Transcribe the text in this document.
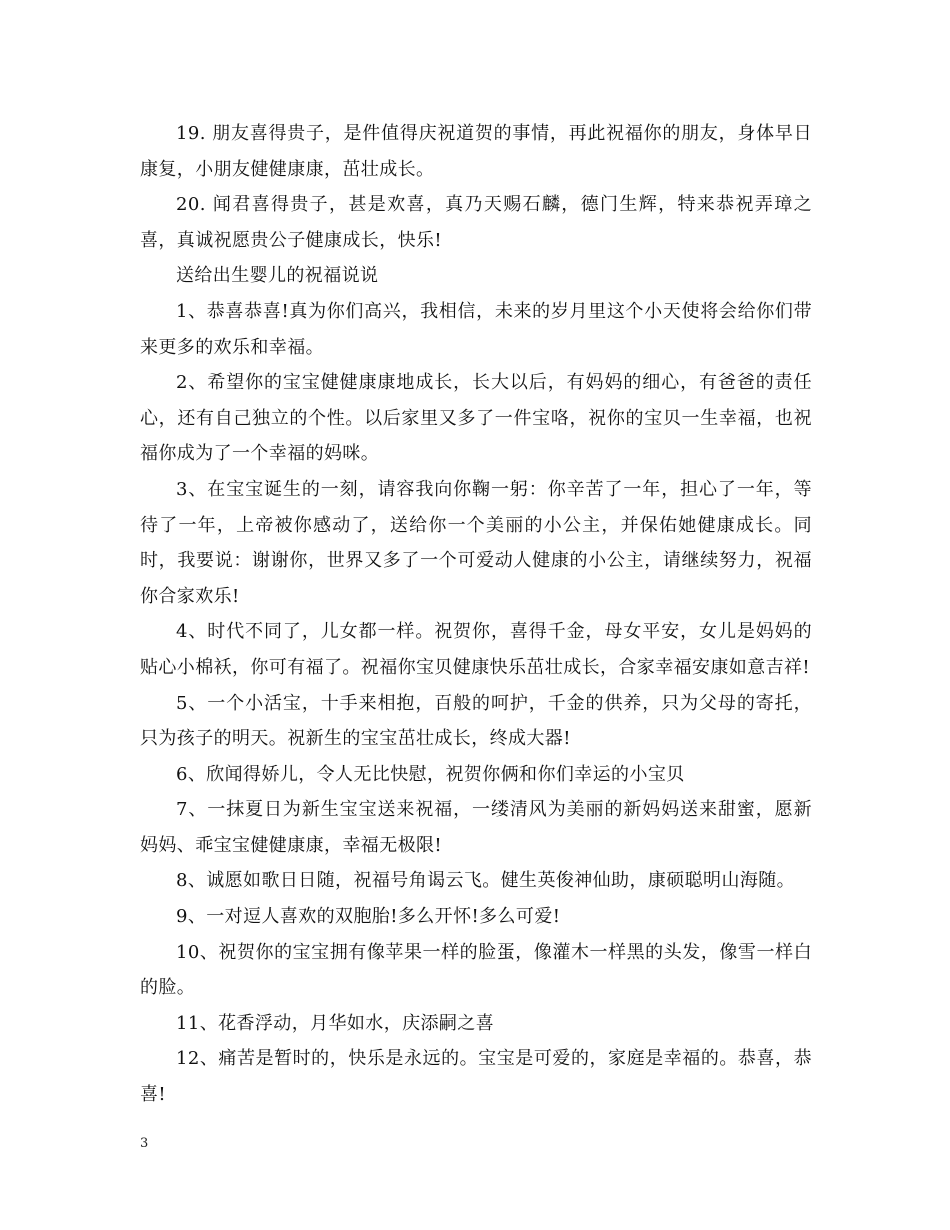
19. 朋友喜得贵子，是件值得庆祝道贺的事情，再此祝福你的朋友，身体早日康复，小朋友健健康康，茁壮成长。

20. 闻君喜得贵子，甚是欢喜，真乃天赐石麟，德门生辉，特来恭祝弄璋之喜，真诚祝愿贵公子健康成长，快乐!

送给出生婴儿的祝福说说

1、恭喜恭喜!真为你们高兴，我相信，未来的岁月里这个小天使将会给你们带来更多的欢乐和幸福。

2、希望你的宝宝健健康康地成长，长大以后，有妈妈的细心，有爸爸的责任心，还有自己独立的个性。以后家里又多了一件宝咯，祝你的宝贝一生幸福，也祝福你成为了一个幸福的妈咪。

3、在宝宝诞生的一刻，请容我向你鞠一躬：你辛苦了一年，担心了一年，等待了一年，上帝被你感动了，送给你一个美丽的小公主，并保佑她健康成长。同时，我要说：谢谢你，世界又多了一个可爱动人健康的小公主，请继续努力，祝福你合家欢乐!

4、时代不同了，儿女都一样。祝贺你，喜得千金，母女平安，女儿是妈妈的贴心小棉袄，你可有福了。祝福你宝贝健康快乐茁壮成长，合家幸福安康如意吉祥!

5、一个小活宝，十手来相抱，百般的呵护，千金的供养，只为父母的寄托，只为孩子的明天。祝新生的宝宝茁壮成长，终成大器!

6、欣闻得娇儿，令人无比快慰，祝贺你俩和你们幸运的小宝贝

7、一抹夏日为新生宝宝送来祝福，一缕清风为美丽的新妈妈送来甜蜜，愿新妈妈、乖宝宝健健康康，幸福无极限!

8、诚愿如歌日日随，祝福号角谒云飞。健生英俊神仙助，康硕聪明山海随。

9、一对逗人喜欢的双胞胎!多么开怀!多么可爱!

10、祝贺你的宝宝拥有像苹果一样的脸蛋，像灌木一样黑的头发，像雪一样白的脸。

11、花香浮动，月华如水，庆添嗣之喜

12、痛苦是暂时的，快乐是永远的。宝宝是可爱的，家庭是幸福的。恭喜，恭喜!

3
